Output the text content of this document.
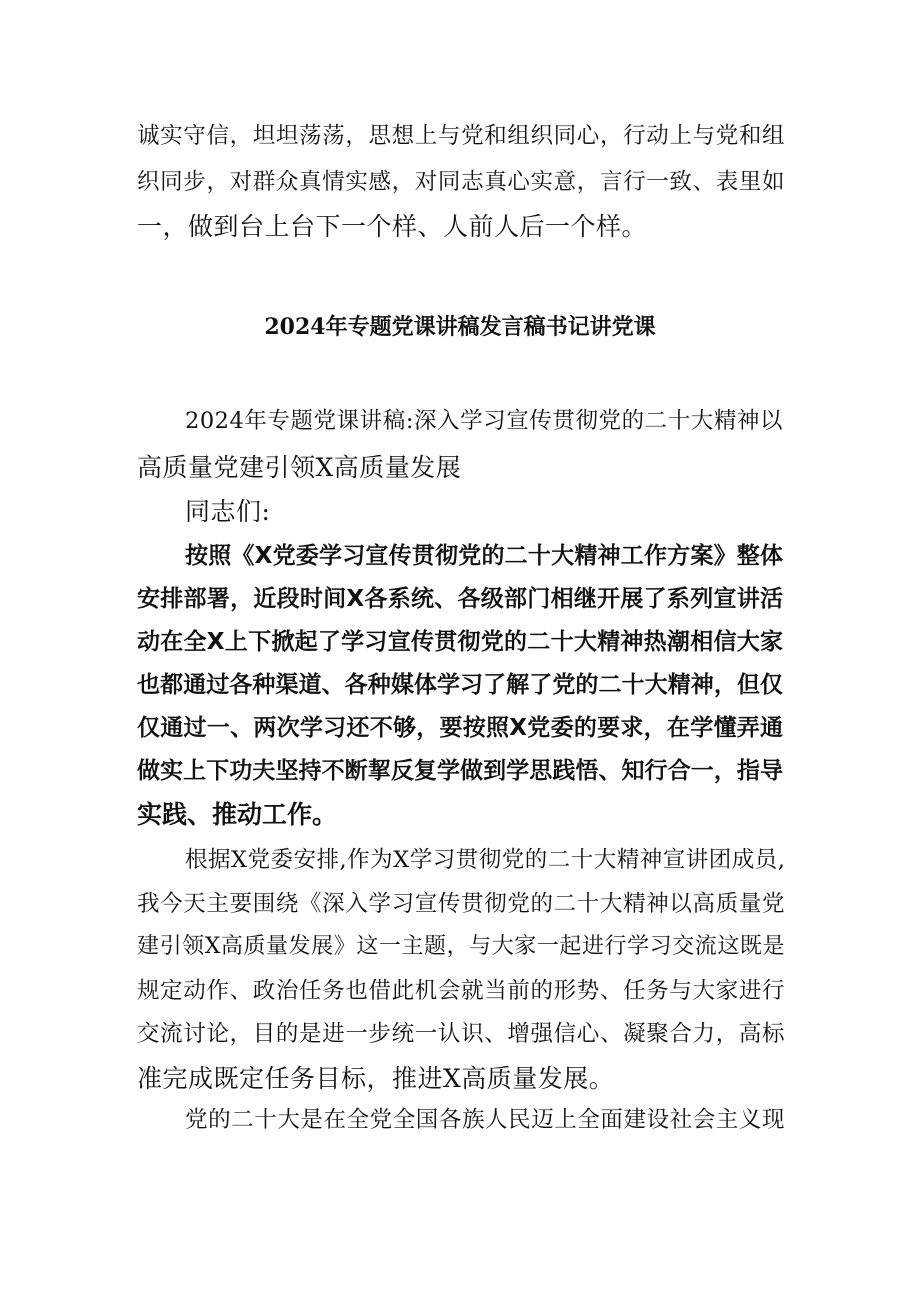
诚实守信，坦坦荡荡，思想上与党和组织同心，行动上与党和组
织同步，对群众真情实感，对同志真心实意，言行一致、表里如
一，做到台上台下一个样、人前人后一个样。
2024年专题党课讲稿发言稿书记讲党课
2024年专题党课讲稿:深入学习宣传贯彻党的二十大精神以
高质量党建引领X高质量发展
同志们:
按照《X党委学习宣传贯彻党的二十大精神工作方案》整体
安排部署，近段时间X各系统、各级部门相继开展了系列宣讲活
动在全X上下掀起了学习宣传贯彻党的二十大精神热潮相信大家
也都通过各种渠道、各种媒体学习了解了党的二十大精神，但仅
仅通过一、两次学习还不够，要按照X党委的要求，在学懂弄通
做实上下功夫坚持不断挈反复学做到学思践悟、知行合一，指导
实践、推动工作。
根据X党委安排,作为X学习贯彻党的二十大精神宣讲团成员,
我今天主要围绕《深入学习宣传贯彻党的二十大精神以高质量党
建引领X高质量发展》这一主题，与大家一起进行学习交流这既是
规定动作、政治任务也借此机会就当前的形势、任务与大家进行
交流讨论，目的是进一步统一认识、增强信心、凝聚合力，高标
准完成既定任务目标，推进X高质量发展。
党的二十大是在全党全国各族人民迈上全面建设社会主义现
